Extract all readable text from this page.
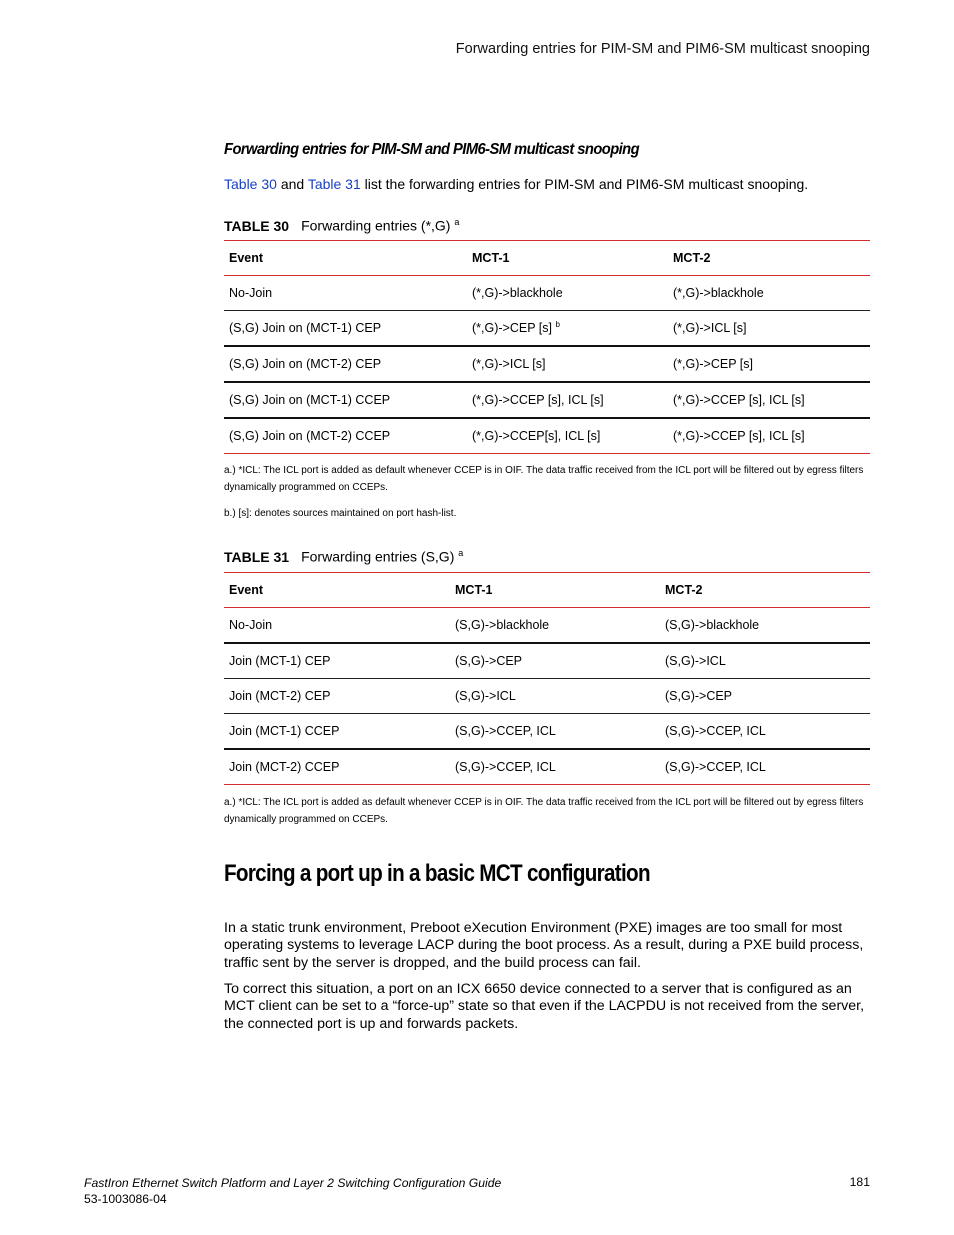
Forwarding entries for PIM-SM and PIM6-SM multicast snooping
Forwarding entries for PIM-SM and PIM6-SM multicast snooping
Table 30 and Table 31 list the forwarding entries for PIM-SM and PIM6-SM multicast snooping.
TABLE 30 Forwarding entries (*,G) $^a$
Event	MCT-1	MCT-2
No-Join	(*,G)->blackhole	(*,G)->blackhole
(S,G) Join on (MCT-1) CEP	(*,G)->CEP [s] $^b$	(*,G)->ICL [s]
(S,G) Join on (MCT-2) CEP	(*,G)->ICL [s]	(*,G)->CEP [s]
(S,G) Join on (MCT-1) CCEP	(*,G)->CCEP [s], ICL [s]	(*,G)->CCEP [s], ICL [s]
(S,G) Join on (MCT-2) CCEP	(*,G)->CCEP[s], ICL [s]	(*,G)->CCEP [s], ICL [s]
a.) *ICL: The ICL port is added as default whenever CCEP is in OIF. The data traffic received from the ICL port will be filtered out by egress filters dynamically programmed on CCEPs.
b.) [s]: denotes sources maintained on port hash-list.
TABLE 31 Forwarding entries (S,G) $^a$
Event	MCT-1	MCT-2
No-Join	(S,G)->blackhole	(S,G)->blackhole
Join (MCT-1) CEP	(S,G)->CEP	(S,G)->ICL
Join (MCT-2) CEP	(S,G)->ICL	(S,G)->CEP
Join (MCT-1) CCEP	(S,G)->CCEP, ICL	(S,G)->CCEP, ICL
Join (MCT-2) CCEP	(S,G)->CCEP, ICL	(S,G)->CCEP, ICL
a.) *ICL: The ICL port is added as default whenever CCEP is in OIF. The data traffic received from the ICL port will be filtered out by egress filters dynamically programmed on CCEPs.
Forcing a port up in a basic MCT configuration

In a static trunk environment, Preboot eXecution Environment (PXE) images are too small for most operating systems to leverage LACP during the boot process. As a result, during a PXE build process, traffic sent by the server is dropped, and the build process can fail.

To correct this situation, a port on an ICX 6650 device connected to a server that is configured as an MCT client can be set to a “force-up” state so that even if the LACPDU is not received from the server, the connected port is up and forwards packets.

FastIron Ethernet Switch Platform and Layer 2 Switching Configuration Guide
53-1003086-04
181
